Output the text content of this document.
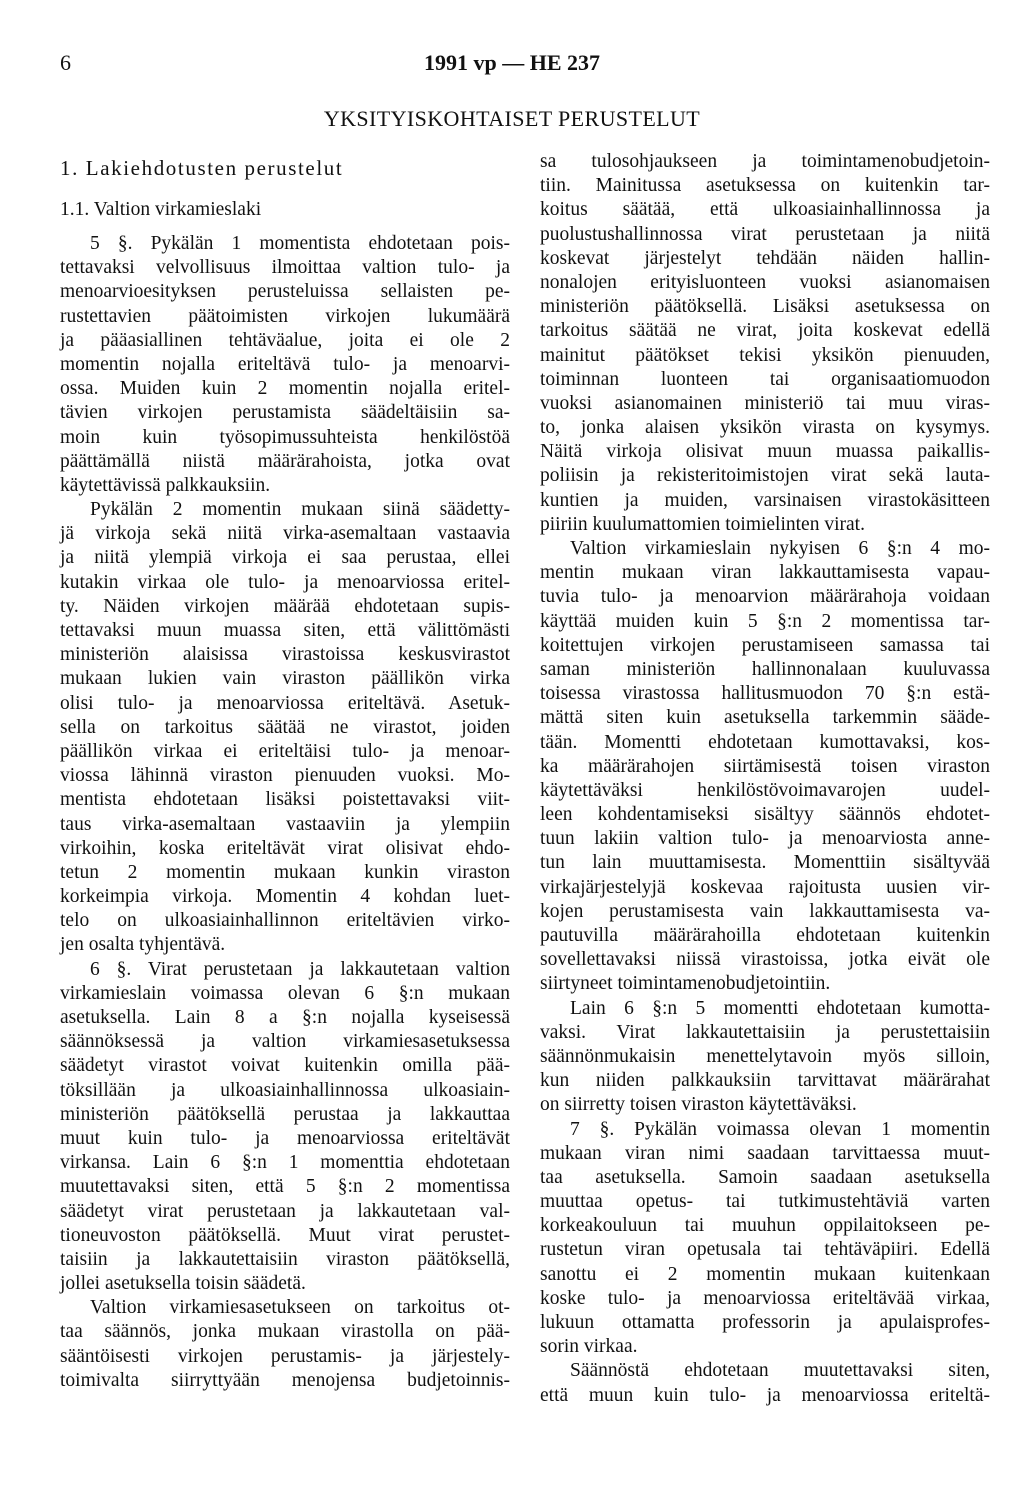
6	1991 vp — HE 237
YKSITYISKOHTAISET PERUSTELUT
1. Lakiehdotusten perustelut
1.1. Valtion virkamieslaki
5 §. Pykälän 1 momentista ehdotetaan pois-
tettavaksi velvollisuus ilmoittaa valtion tulo- ja
menoarvioesityksen perusteluissa sellaisten pe-
rustettavien päätoimisten virkojen lukumäärä
ja pääasiallinen tehtäväalue, joita ei ole 2
momentin nojalla eriteltävä tulo- ja menoarvi-
ossa. Muiden kuin 2 momentin nojalla eritel-
tävien virkojen perustamista säädeltäisiin sa-
moin kuin työsopimussuhteista henkilöstöä
päättämällä niistä määrärahoista, jotka ovat
käytettävissä palkkauksiin.
Pykälän 2 momentin mukaan siinä säädetty-
jä virkoja sekä niitä virka-asemaltaan vastaavia
ja niitä ylempiä virkoja ei saa perustaa, ellei
kutakin virkaa ole tulo- ja menoarviossa eritel-
ty. Näiden virkojen määrää ehdotetaan supis-
tettavaksi muun muassa siten, että välittömästi
ministeriön alaisissa virastoissa keskusvirastot
mukaan lukien vain viraston päällikön virka
olisi tulo- ja menoarviossa eriteltävä. Asetuk-
sella on tarkoitus säätää ne virastot, joiden
päällikön virkaa ei eriteltäisi tulo- ja menoar-
viossa lähinnä viraston pienuuden vuoksi. Mo-
mentista ehdotetaan lisäksi poistettavaksi viit-
taus virka-asemaltaan vastaaviin ja ylempiin
virkoihin, koska eriteltävät virat olisivat ehdo-
tetun 2 momentin mukaan kunkin viraston
korkeimpia virkoja. Momentin 4 kohdan luet-
telo on ulkoasiainhallinnon eriteltävien virko-
jen osalta tyhjentävä.
6 §. Virat perustetaan ja lakkautetaan valtion
virkamieslain voimassa olevan 6 §:n mukaan
asetuksella. Lain 8 a §:n nojalla kyseisessä
säännöksessä ja valtion virkamiesasetuksessa
säädetyt virastot voivat kuitenkin omilla pää-
töksillään ja ulkoasiainhallinnossa ulkoasiain-
ministeriön päätöksellä perustaa ja lakkauttaa
muut kuin tulo- ja menoarviossa eriteltävät
virkansa. Lain 6 §:n 1 momenttia ehdotetaan
muutettavaksi siten, että 5 §:n 2 momentissa
säädetyt virat perustetaan ja lakkautetaan val-
tioneuvoston päätöksellä. Muut virat perustet-
taisiin ja lakkautettaisiin viraston päätöksellä,
jollei asetuksella toisin säädetä.
Valtion virkamiesasetukseen on tarkoitus ot-
taa säännös, jonka mukaan virastolla on pää-
sääntöisesti virkojen perustamis- ja järjestely-
toimivalta siirryttyään menojensa budjetoinnis-
sa tulosohjaukseen ja toimintamenobudjetoin-
tiin. Mainitussa asetuksessa on kuitenkin tar-
koitus säätää, että ulkoasiainhallinnossa ja
puolustushallinnossa virat perustetaan ja niitä
koskevat järjestelyt tehdään näiden hallin-
nonalojen erityisluonteen vuoksi asianomaisen
ministeriön päätöksellä. Lisäksi asetuksessa on
tarkoitus säätää ne virat, joita koskevat edellä
mainitut päätökset tekisi yksikön pienuuden,
toiminnan luonteen tai organisaatiomuodon
vuoksi asianomainen ministeriö tai muu viras-
to, jonka alaisen yksikön virasta on kysymys.
Näitä virkoja olisivat muun muassa paikallis-
poliisin ja rekisteritoimistojen virat sekä lauta-
kuntien ja muiden, varsinaisen virastokäsitteen
piiriin kuulumattomien toimielinten virat.
Valtion virkamieslain nykyisen 6 §:n 4 mo-
mentin mukaan viran lakkauttamisesta vapau-
tuvia tulo- ja menoarvion määrärahoja voidaan
käyttää muiden kuin 5 §:n 2 momentissa tar-
koitettujen virkojen perustamiseen samassa tai
saman ministeriön hallinnonalaan kuuluvassa
toisessa virastossa hallitusmuodon 70 §:n estä-
mättä siten kuin asetuksella tarkemmin sääde-
tään. Momentti ehdotetaan kumottavaksi, kos-
ka määrärahojen siirtämisestä toisen viraston
käytettäväksi henkilöstövoimavarojen uudel-
leen kohdentamiseksi sisältyy säännös ehdotet-
tuun lakiin valtion tulo- ja menoarviosta anne-
tun lain muuttamisesta. Momenttiin sisältyvää
virkajärjestelyjä koskevaa rajoitusta uusien vir-
kojen perustamisesta vain lakkauttamisesta va-
pautuvilla määrärahoilla ehdotetaan kuitenkin
sovellettavaksi niissä virastoissa, jotka eivät ole
siirtyneet toimintamenobudjetointiin.
Lain 6 §:n 5 momentti ehdotetaan kumotta-
vaksi. Virat lakkautettaisiin ja perustettaisiin
säännönmukaisin menettelytavoin myös silloin,
kun niiden palkkauksiin tarvittavat määrärahat
on siirretty toisen viraston käytettäväksi.
7 §. Pykälän voimassa olevan 1 momentin
mukaan viran nimi saadaan tarvittaessa muut-
taa asetuksella. Samoin saadaan asetuksella
muuttaa opetus- tai tutkimustehtäviä varten
korkeakouluun tai muuhun oppilaitokseen pe-
rustetun viran opetusala tai tehtäväpiiri. Edellä
sanottu ei 2 momentin mukaan kuitenkaan
koske tulo- ja menoarviossa eriteltävää virkaa,
lukuun ottamatta professorin ja apulaisprofes-
sorin virkaa.
Säännöstä ehdotetaan muutettavaksi siten,
että muun kuin tulo- ja menoarviossa eriteltä-
